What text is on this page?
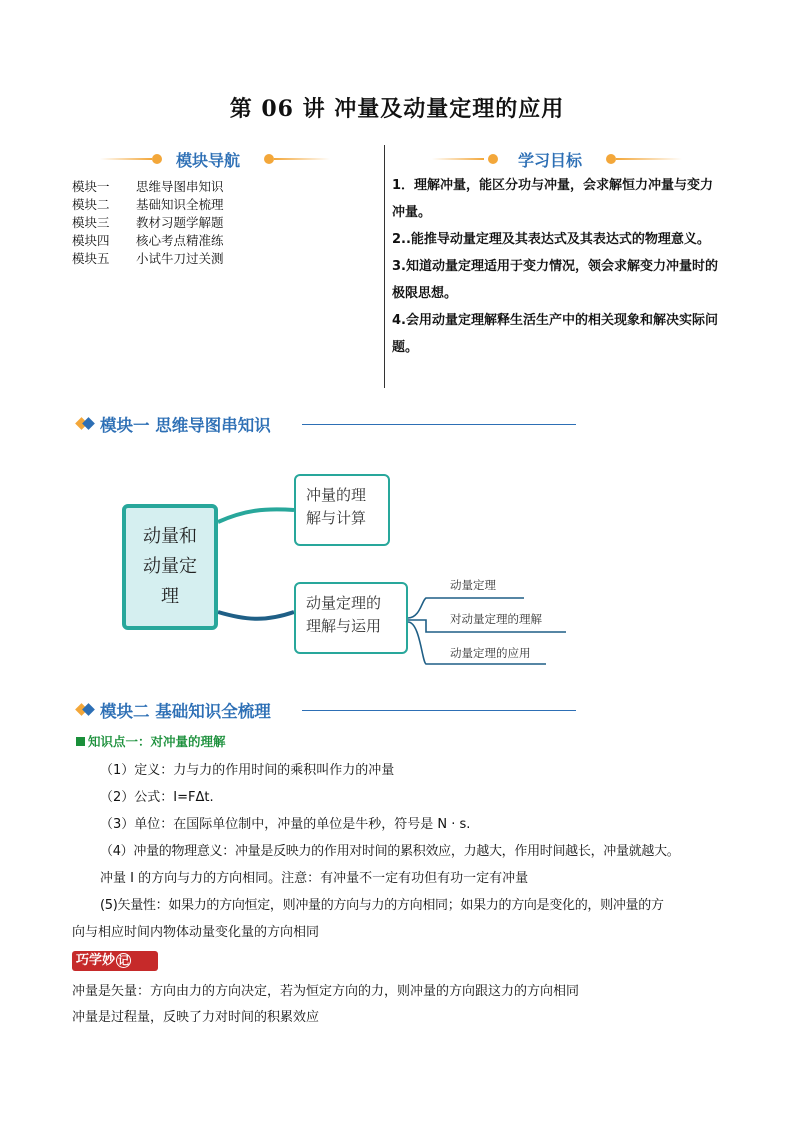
第 06 讲 冲量及动量定理的应用
模块导航
模块一	思维导图串知识
模块二	基础知识全梳理
模块三	教材习题学解题
模块四	核心考点精准练
模块五	小试牛刀过关测
学习目标

1．理解冲量，能区分功与冲量，会求解恒力冲量与变力冲量。

2..能推导动量定理及其表达式及其表达式的物理意义。

3.知道动量定理适用于变力情况，领会求解变力冲量时的极限思想。

4.会用动量定理解释生活生产中的相关现象和解决实际问题。

模块一 思维导图串知识
动量和
动量定
理
冲量的理
解与计算
动量定理的
理解与运用
动量定理
对动量定理的理解
动量定理的应用
模块二 基础知识全梳理
知识点一：对冲量的理解
（1）定义：力与力的作用时间的乘积叫作力的冲量
（2）公式：I=FΔt.
（3）单位：在国际单位制中，冲量的单位是牛秒，符号是 N · s.
（4）冲量的物理意义：冲量是反映力的作用对时间的累积效应，力越大，作用时间越长，冲量就越大。
冲量 I 的方向与力的方向相同。注意：有冲量不一定有功但有功一定有冲量
(5)矢量性：如果力的方向恒定，则冲量的方向与力的方向相同；如果力的方向是变化的，则冲量的方
向与相应时间内物体动量变化量的方向相同
巧学妙 记
冲量是矢量：方向由力的方向决定，若为恒定方向的力，则冲量的方向跟这力的方向相同
冲量是过程量，反映了力对时间的积累效应
